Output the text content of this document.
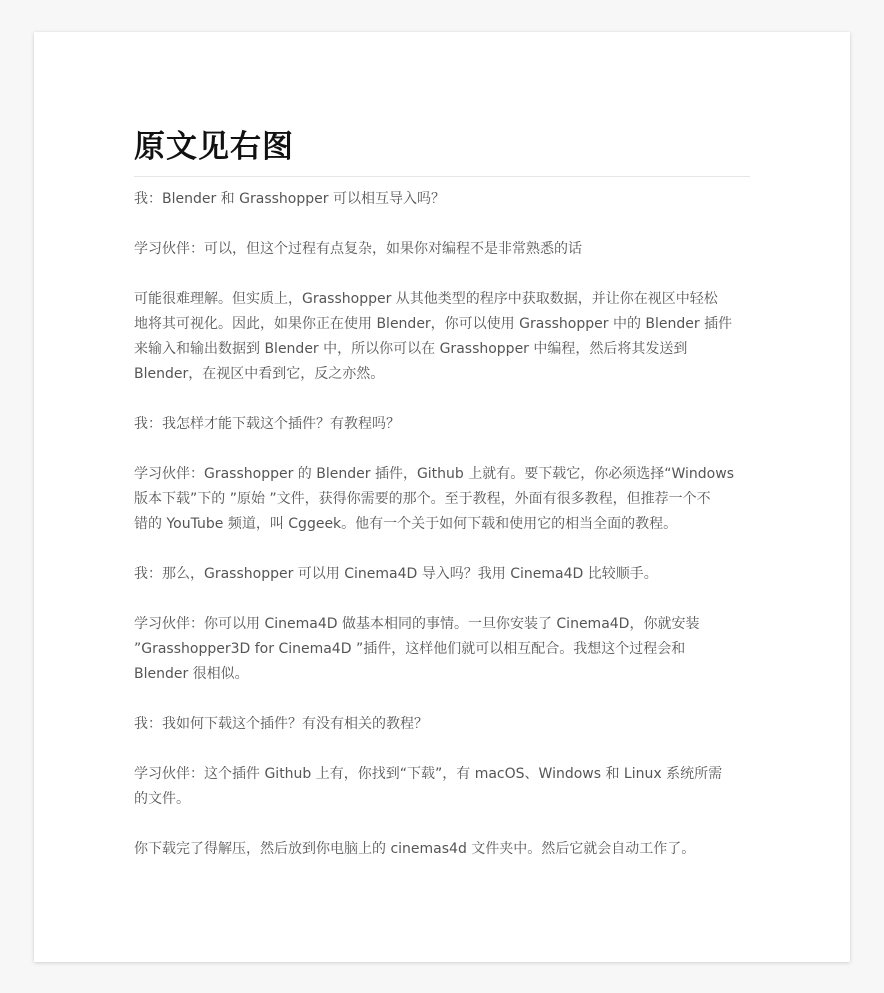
原文见右图

我：Blender 和 Grasshopper 可以相互导入吗？

学习伙伴：可以，但这个过程有点复杂，如果你对编程不是非常熟悉的话

可能很难理解。但实质上，Grasshopper 从其他类型的程序中获取数据，并让你在视区中轻松
地将其可视化。因此，如果你正在使用 Blender，你可以使用 Grasshopper 中的 Blender 插件
来输入和输出数据到 Blender 中，所以你可以在 Grasshopper 中编程，然后将其发送到
Blender，在视区中看到它，反之亦然。

我：我怎样才能下载这个插件？有教程吗？

学习伙伴：Grasshopper 的 Blender 插件，Github 上就有。要下载它，你必须选择“Windows
版本下载”下的 ”原始 ”文件，获得你需要的那个。至于教程，外面有很多教程，但推荐一个不
错的 YouTube 频道，叫 Cggeek。他有一个关于如何下载和使用它的相当全面的教程。

我：那么，Grasshopper 可以用 Cinema4D 导入吗？我用 Cinema4D 比较顺手。

学习伙伴：你可以用 Cinema4D 做基本相同的事情。一旦你安装了 Cinema4D，你就安装
”Grasshopper3D for Cinema4D ”插件，这样他们就可以相互配合。我想这个过程会和
Blender 很相似。

我：我如何下载这个插件？有没有相关的教程？

学习伙伴：这个插件 Github 上有，你找到“下载”，有 macOS、Windows 和 Linux 系统所需
的文件。

你下载完了得解压，然后放到你电脑上的 cinemas4d 文件夹中。然后它就会自动工作了。
